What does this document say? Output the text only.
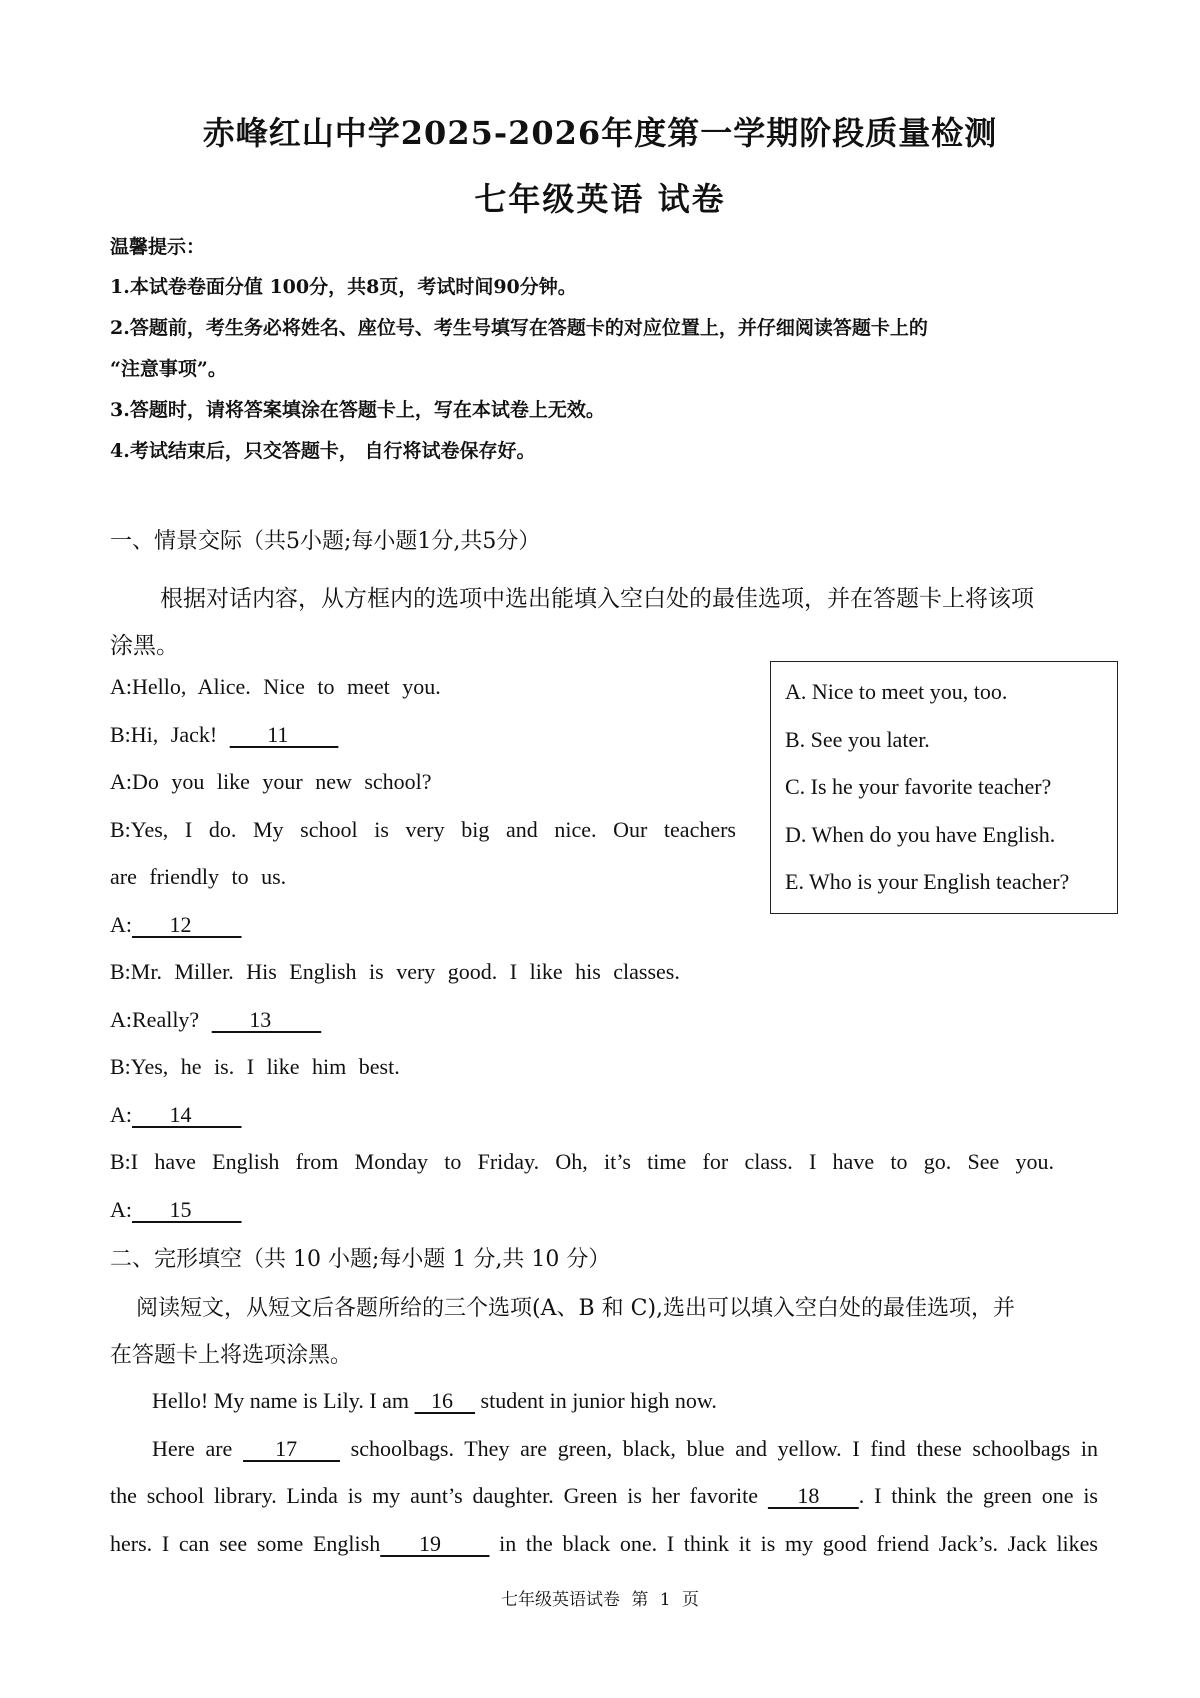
赤峰红山中学2025-2026年度第一学期阶段质量检测
七年级英语 试卷
温馨提示：
1.本试卷卷面分值 100分，共8页，考试时间90分钟。
2.答题前，考生务必将姓名、座位号、考生号填写在答题卡的对应位置上，并仔细阅读答题卡上的
“注意事项”。
3.答题时，请将答案填涂在答题卡上，写在本试卷上无效。
4.考试结束后，只交答题卡， 自行将试卷保存好。
一、情景交际（共5小题;每小题1分,共5分）
根据对话内容，从方框内的选项中选出能填入空白处的最佳选项，并在答题卡上将该项
涂黑。
A. Nice to meet you, too.
B. See you later.
C. Is he your favorite teacher?
D. When do you have English.
E. Who is your English teacher?
A:Hello, Alice. Nice to meet you.
B:Hi, Jack!    11
A:Do you like your new school?
B:Yes, I do. My school is very big and nice. Our teachers
are friendly to us.
A:   12
B:Mr. Miller. His English is very good. I like his classes.
A:Really?    13
B:Yes, he is. I like him best.
A:   14
B:I have English from Monday to Friday. Oh, it’s time for class. I have to go. See you.
A:   15
二、完形填空（共 10 小题;每小题 1 分,共 10 分）
阅读短文，从短文后各题所给的三个选项(A、B 和 C),选出可以填入空白处的最佳选项，并
在答题卡上将选项涂黑。
Hello! My name is Lily. I am    16     student in junior high now.
Here are    17     schoolbags. They are green, black, blue and yellow. I find these schoolbags in
the school library. Linda is my aunt’s daughter. Green is her favorite    18    . I think the green one is
hers. I can see some English    19      in the black one. I think it is my good friend Jack’s. Jack likes
七年级英语试卷 第 1 页
